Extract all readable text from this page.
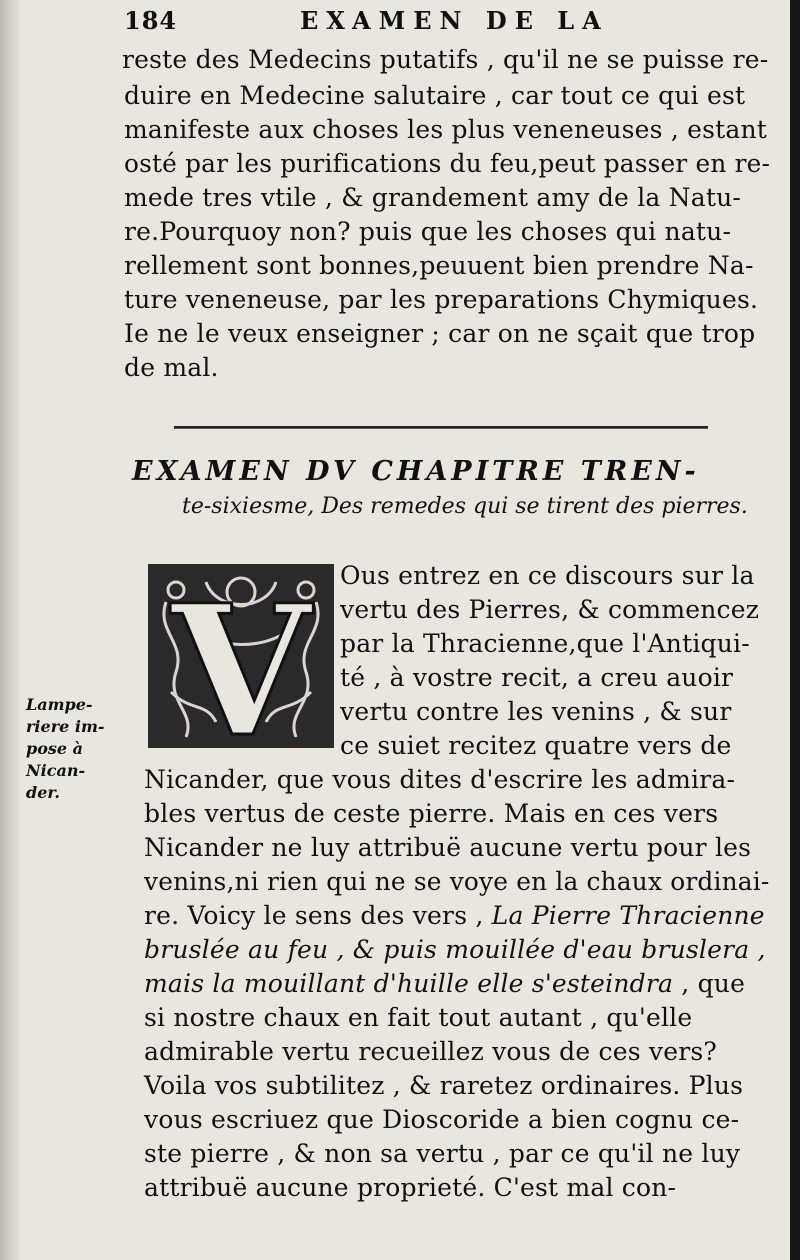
184	EXAMEN DE LA
reste des Medecins putatifs , qu'il ne se puisse re-
duire en Medecine salutaire , car tout ce qui est
manifeste aux choses les plus veneneuses , estant
osté par les purifications du feu,peut passer en re-
mede tres vtile , & grandement amy de la Natu-
re.Pourquoy non? puis que les choses qui natu-
rellement sont bonnes,peuuent bien prendre Na-
ture veneneuse, par les preparations Chymiques.
Ie ne le veux enseigner ; car on ne sçait que trop
de mal.
EXAMEN DV CHAPITRE TREN-
te-sixiesme, Des remedes qui se tirent des pierres.
V
Lampe-
riere im-
pose à
Nican-
der.
Ous entrez en ce discours sur la
vertu des Pierres, & commencez
par la Thracienne,que l'Antiqui-
té , à vostre recit, a creu auoir
vertu contre les venins , & sur
ce suiet recitez quatre vers de
Nicander, que vous dites d'escrire les admira-
bles vertus de ceste pierre. Mais en ces vers
Nicander ne luy attribuë aucune vertu pour les
venins,ni rien qui ne se voye en la chaux ordinai-
re. Voicy le sens des vers , La Pierre Thracienne
bruslée au feu , & puis mouillée d'eau bruslera ,
mais la mouillant d'huille elle s'esteindra , que
si nostre chaux en fait tout autant , qu'elle
admirable vertu recueillez vous de ces vers?
Voila vos subtilitez , & raretez ordinaires. Plus
vous escriuez que Dioscoride a bien cognu ce-
ste pierre , & non sa vertu , par ce qu'il ne luy
attribuë aucune proprieté. C'est mal con-
